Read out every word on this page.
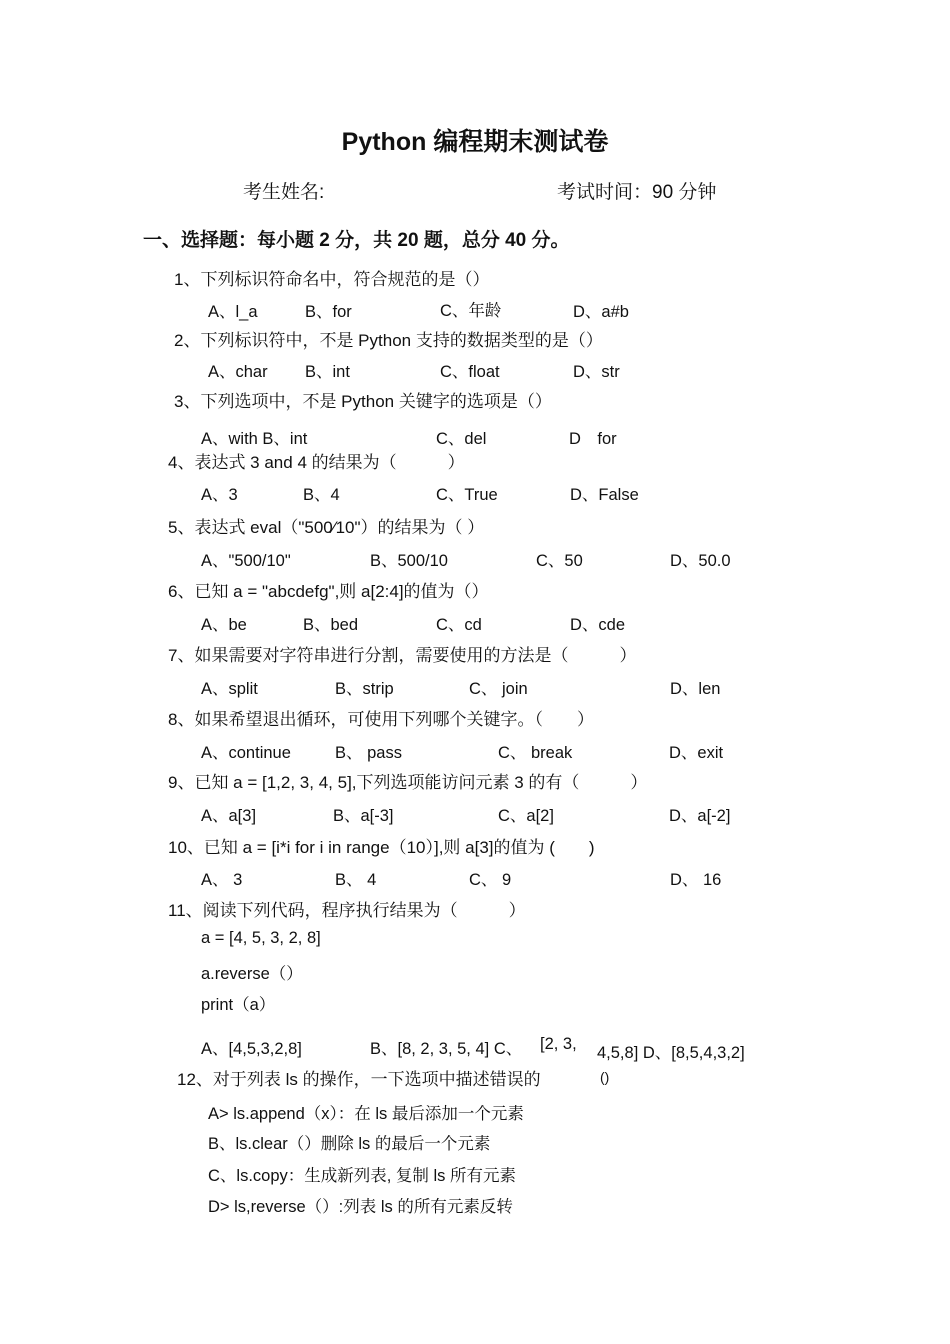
Python 编程期末测试卷
考生姓名:	考试时间：90 分钟
一、选择题：每小题 2 分，共 20 题，总分 40 分。
1、下列标识符命名中，符合规范的是（）
A、l_a	B、for	C、年龄	D、a#b
2、下列标识符中，不是 Python 支持的数据类型的是（）
A、char B、int	C、float	D、str
3、下列选项中，不是 Python 关键字的选项是（）
A、with B、int	C、del	D　for
4、表达式 3 and 4 的结果为（　　　）
A、3	B、4	C、True	D、False
5、表达式 eval（"500⁄10"）的结果为（ ）
A、"500/10"	B、500/10	C、50	D、50.0
6、已知 a = "abcdefg",则 a[2:4]的值为（）
A、be	B、bed	C、cd	D、cde
7、如果需要对字符串进行分割，需要使用的方法是（　　　）
A、split	B、strip	C、 join	D、len
8、如果希望退出循环，可使用下列哪个关键字。（　　）
A、continue	B、 pass	C、 break	D、exit
9、已知 a = [1,2, 3, 4, 5],下列选项能访问元素 3 的有（　　　）
A、a[3]	B、a[-3]	C、a[2]	D、a[-2]
10、已知 a = [i*i for i in range（10）],则 a[3]的值为 (　　)
A、 3	B、 4	C、 9	D、 16
11、阅读下列代码，程序执行结果为（　　　）
a = [4, 5, 3, 2, 8]
a.reverse（）
print（a）
A、[4,5,3,2,8]	B、[8, 2, 3, 5, 4] C、 [2, 3, 4,5,8] D、[8,5,4,3,2]
12、对于列表 ls 的操作，一下选项中描述错误的	()
A> ls.append（x）：在 ls 最后添加一个元素
B、ls.clear（）删除 ls 的最后一个元素
C、ls.copy：生成新列表, 复制 ls 所有元素
D> ls,reverse（）:列表 ls 的所有元素反转
